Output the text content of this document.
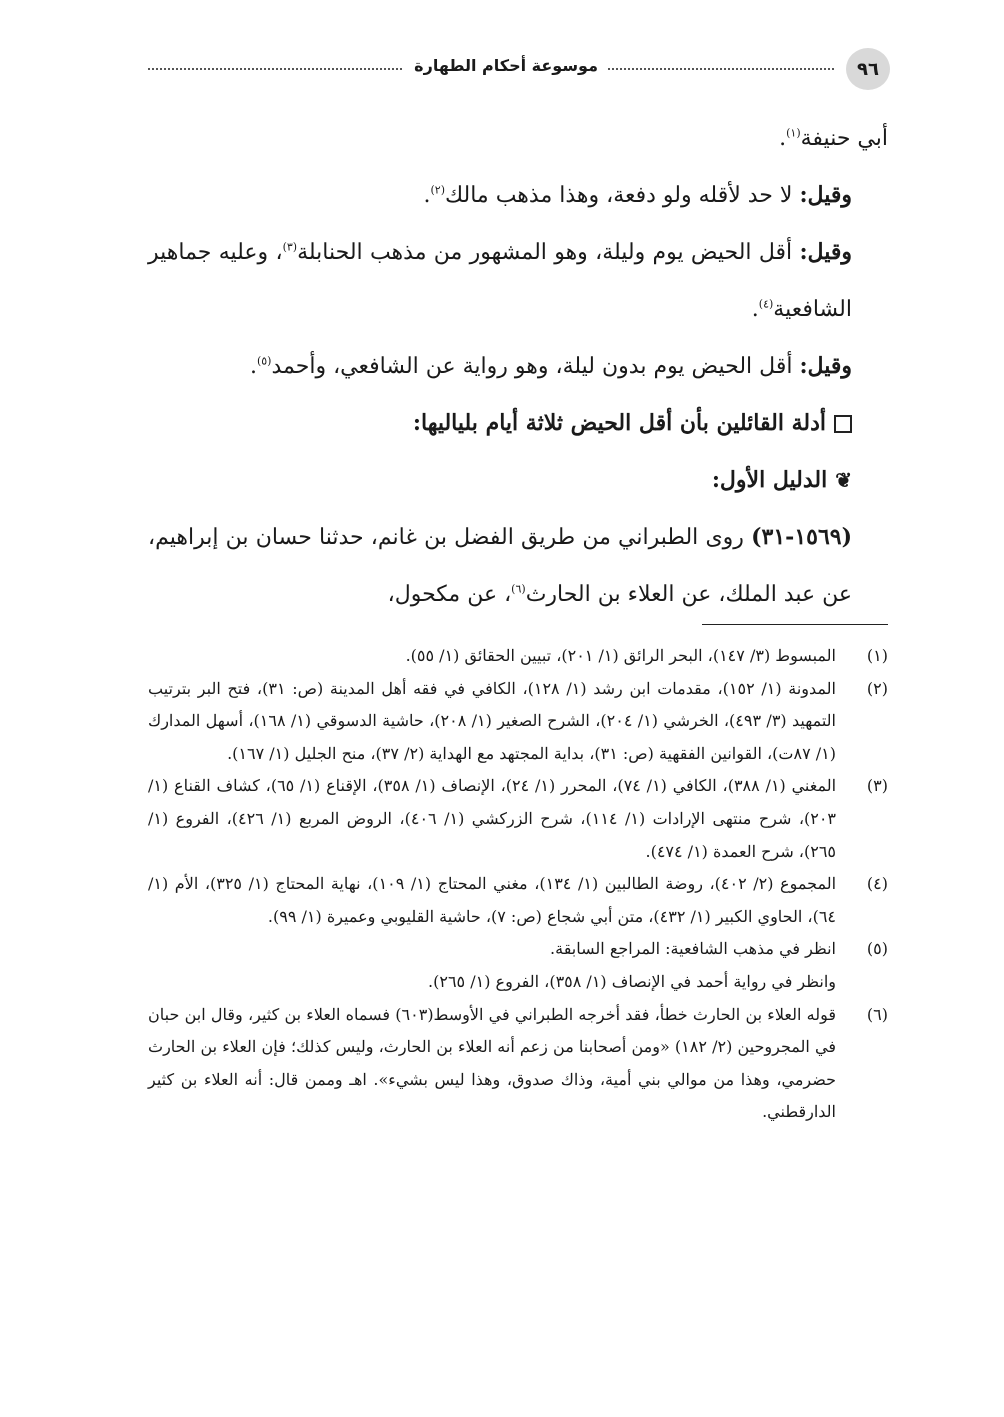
٩٦
موسوعة أحكام الطهارة

أبي حنيفة$^{(١)}$.

وقيل: لا حد لأقله ولو دفعة، وهذا مذهب مالك$^{(٢)}$.

وقيل: أقل الحيض يوم وليلة، وهو المشهور من مذهب الحنابلة$^{(٣)}$، وعليه جماهير الشافعية$^{(٤)}$.

وقيل: أقل الحيض يوم بدون ليلة، وهو رواية عن الشافعي، وأحمد$^{(٥)}$.

أدلة القائلين بأن أقل الحيض ثلاثة أيام بلياليها:

❦الدليل الأول:

(١٥٦٩-٣١) روى الطبراني من طريق الفضل بن غانم، حدثنا حسان بن إبراهيم، عن عبد الملك، عن العلاء بن الحارث$^{(٦)}$، عن مكحول،

(١)
المبسوط (٣/ ١٤٧)، البحر الرائق (١/ ٢٠١)، تبيين الحقائق (١/ ٥٥).
(٢)
المدونة (١/ ١٥٢)، مقدمات ابن رشد (١/ ١٢٨)، الكافي في فقه أهل المدينة (ص: ٣١)، فتح البر بترتيب التمهيد (٣/ ٤٩٣)، الخرشي (١/ ٢٠٤)، الشرح الصغير (١/ ٢٠٨)، حاشية الدسوقي (١/ ١٦٨)، أسهل المدارك (١/ ٨٧ت)، القوانين الفقهية (ص: ٣١)، بداية المجتهد مع الهداية (٢/ ٣٧)، منح الجليل (١/ ١٦٧).
(٣)
المغني (١/ ٣٨٨)، الكافي (١/ ٧٤)، المحرر (١/ ٢٤)، الإنصاف (١/ ٣٥٨)، الإقناع (١/ ٦٥)، كشاف القناع (١/ ٢٠٣)، شرح منتهى الإرادات (١/ ١١٤)، شرح الزركشي (١/ ٤٠٦)، الروض المربع (١/ ٤٢٦)، الفروع (١/ ٢٦٥)، شرح العمدة (١/ ٤٧٤).
(٤)
المجموع (٢/ ٤٠٢)، روضة الطالبين (١/ ١٣٤)، مغني المحتاج (١/ ١٠٩)، نهاية المحتاج (١/ ٣٢٥)، الأم (١/ ٦٤)، الحاوي الكبير (١/ ٤٣٢)، متن أبي شجاع (ص: ٧)، حاشية القليوبي وعميرة (١/ ٩٩).
(٥)
انظر في مذهب الشافعية: المراجع السابقة.
وانظر في رواية أحمد في الإنصاف (١/ ٣٥٨)، الفروع (١/ ٢٦٥).
(٦)
قوله العلاء بن الحارث خطأ، فقد أخرجه الطبراني في الأوسط(٦٠٣) فسماه العلاء بن كثير، وقال ابن حبان في المجروحين (٢/ ١٨٢) «ومن أصحابنا من زعم أنه العلاء بن الحارث، وليس كذلك؛ فإن العلاء بن الحارث حضرمي، وهذا من موالي بني أمية، وذاك صدوق، وهذا ليس بشيء». اهـ وممن قال: أنه العلاء بن كثير الدارقطني.
